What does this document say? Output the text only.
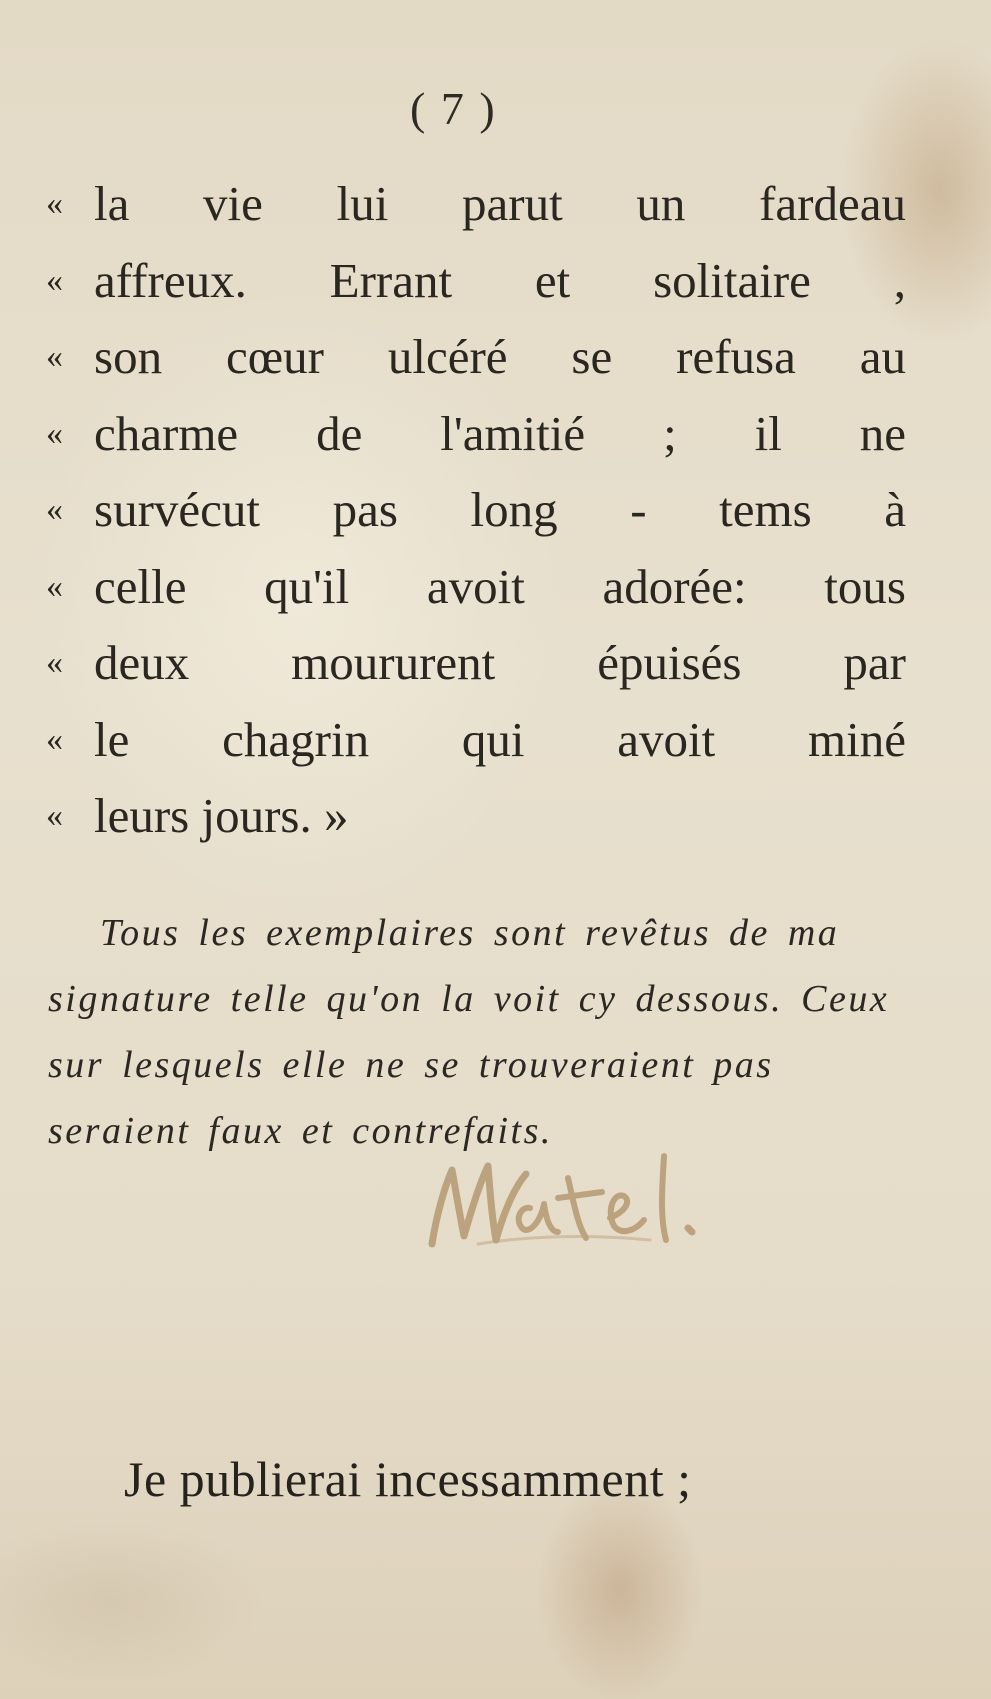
( 7 )
« la vie lui parut un fardeau
« affreux. Errant et solitaire ,
« son cœur ulcéré se refusa au
« charme de l'amitié ; il ne
« survécut pas long - tems à
« celle qu'il avoit adorée: tous
« deux moururent épuisés par
« le chagrin qui avoit miné
« leurs jours. »

Tous les exemplaires sont revêtus de ma signature telle qu'on la voit cy dessous. Ceux sur lesquels elle ne se trouveraient pas seraient faux et contrefaits.

Je publierai incessamment ;
